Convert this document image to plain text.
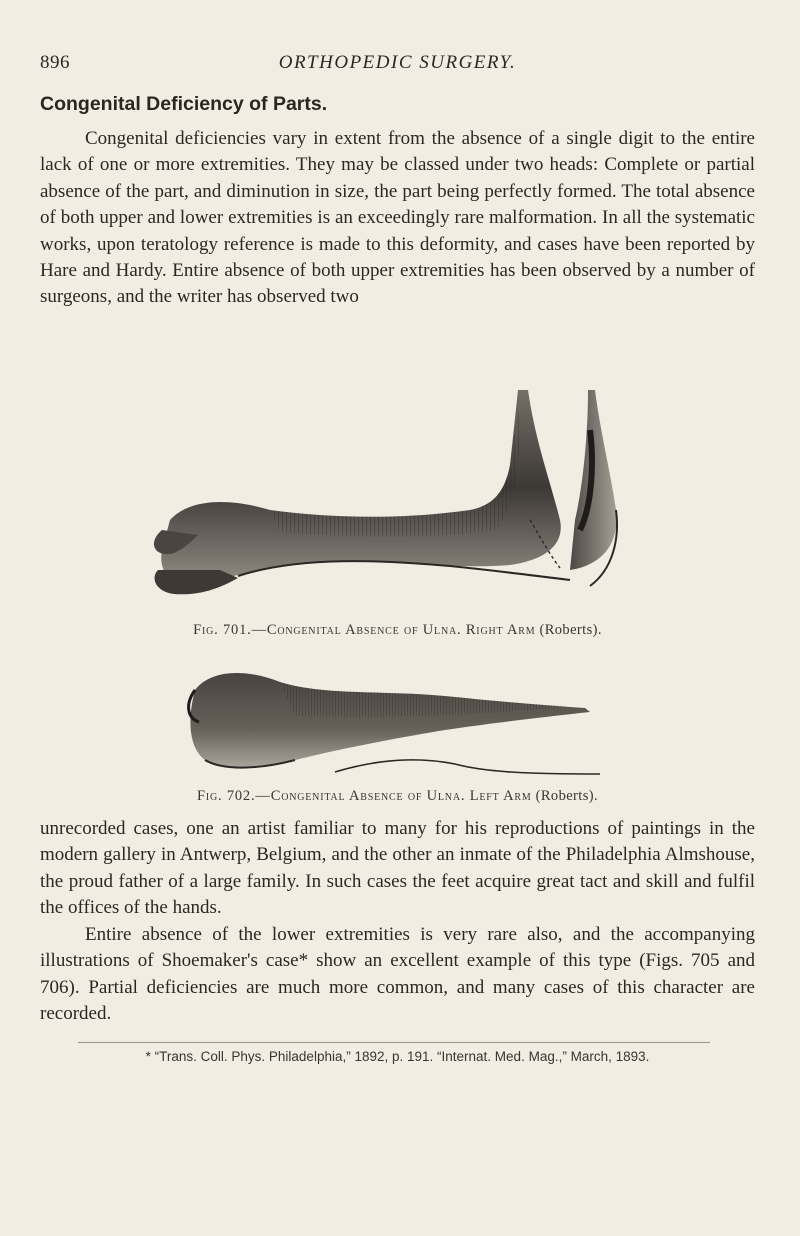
896	ORTHOPEDIC SURGERY.
Congenital Deficiency of Parts.

Congenital deficiencies vary in extent from the absence of a single digit to the entire lack of one or more extremities. They may be classed under two heads: Complete or partial absence of the part, and diminution in size, the part being perfectly formed. The total absence of both upper and lower extremities is an exceedingly rare malformation. In all the systematic works, upon teratology reference is made to this deformity, and cases have been reported by Hare and Hardy. Entire absence of both upper extremities has been observed by a number of surgeons, and the writer has observed two

Fig. 701.—Congenital Absence of Ulna. Right Arm (Roberts).
Fig. 702.—Congenital Absence of Ulna. Left Arm (Roberts).

unrecorded cases, one an artist familiar to many for his reproductions of paintings in the modern gallery in Antwerp, Belgium, and the other an inmate of the Philadelphia Almshouse, the proud father of a large family. In such cases the feet acquire great tact and skill and fulfil the offices of the hands.

Entire absence of the lower extremities is very rare also, and the accompanying illustrations of Shoemaker's case* show an excellent example of this type (Figs. 705 and 706). Partial deficiencies are much more common, and many cases of this character are recorded.

* “Trans. Coll. Phys. Philadelphia,” 1892, p. 191. “Internat. Med. Mag.,” March, 1893.
